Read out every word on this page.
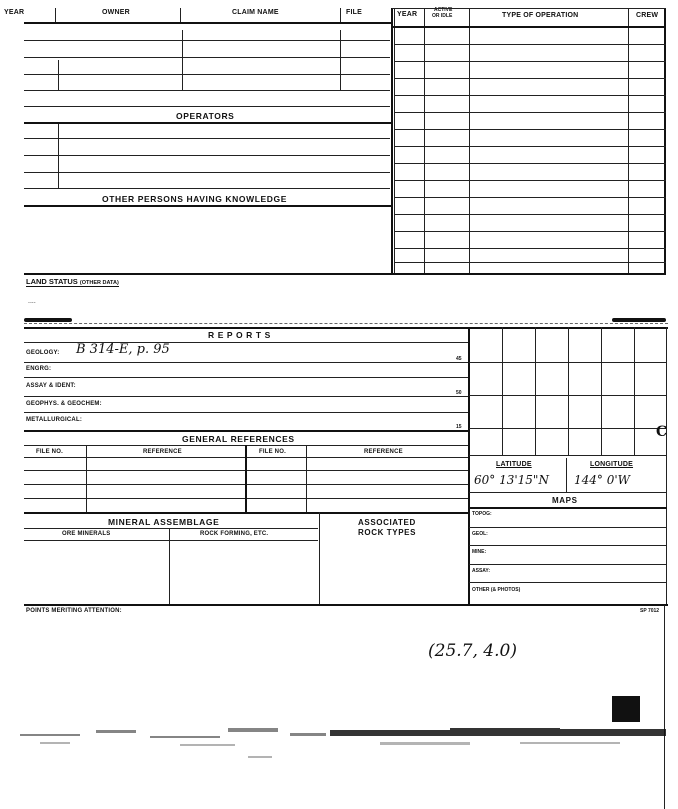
YEAR	OWNER	CLAIM NAME	FILE	YEAR
ACTIVE
OR IDLE	TYPE OF OPERATION	CREW
OPERATORS
OTHER PERSONS HAVING KNOWLEDGE
LAND STATUS (OTHER DATA)
....
R E P O R T S
GEOLOGY: B 314-E, p. 95
45
ENGRG:
ASSAY & IDENT:
50
GEOPHYS. & GEOCHEM:
METALLURGICAL:
15
GENERAL REFERENCES
FILE NO.	REFERENCE	FILE NO.	REFERENCE
MINERAL ASSEMBLAGE
ORE MINERALS	ROCK FORMING, ETC.
ASSOCIATED
ROCK TYPES
C
LATITUDE	LONGITUDE
60° 13'15"N 144° 0'W
MAPS
TOPOG:
GEOL:
MINE:
ASSAY:
OTHER (& PHOTOS)
POINTS MERITING ATTENTION:	SP 7012
(25.7, 4.0)
